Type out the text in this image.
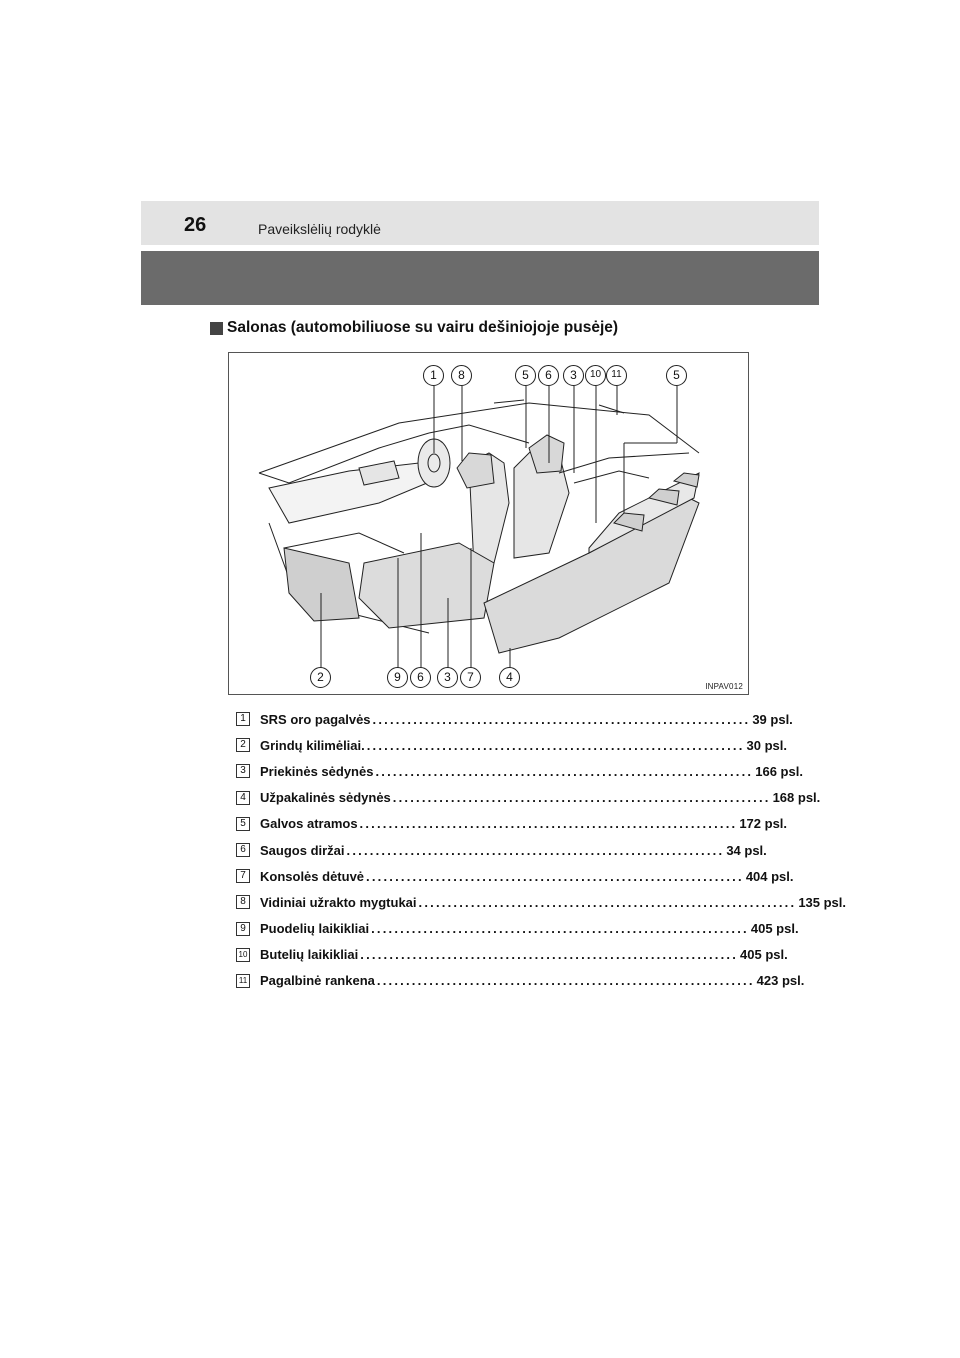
26	Paveikslėlių rodyklė
Salonas (automobiliuose su vairu dešiniojoje pusėje)
1	8	5	6	3	10	11	5
2	9	6	3	7	4
INPAV012
1	SRS oro pagalvės ................................................................. 39 psl.
2	Grindų kilimėliai. ................................................................. 30 psl.
3	Priekinės sėdynės ................................................................. 166 psl.
4	Užpakalinės sėdynės ................................................................. 168 psl.
5	Galvos atramos ................................................................. 172 psl.
6	Saugos diržai ................................................................. 34 psl.
7	Konsolės dėtuvė ................................................................. 404 psl.
8	Vidiniai užrakto mygtukai ................................................................. 135 psl.
9	Puodelių laikikliai ................................................................. 405 psl.
10 Butelių laikikliai ................................................................. 405 psl.
11 Pagalbinė rankena ................................................................. 423 psl.
